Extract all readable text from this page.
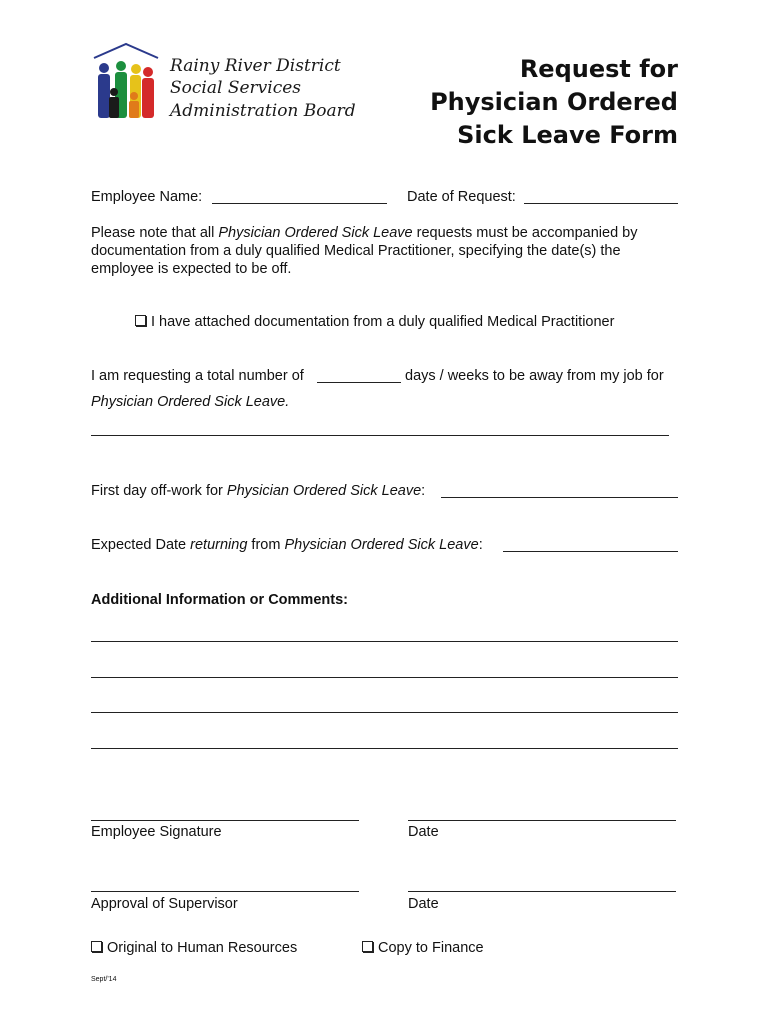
Rainy River District
Social Services
Administration Board
Request for
Physician Ordered
Sick Leave Form
Employee Name:	Date of Request:
Please note that all Physician Ordered Sick Leave requests must be accompanied by
documentation from a duly qualified Medical Practitioner, specifying the date(s) the
employee is expected to be off.
I have attached documentation from a duly qualified Medical Practitioner
I am requesting a total number of	days / weeks to be away from my job for
Physician Ordered Sick Leave.
First day off-work for Physician Ordered Sick Leave:
Expected Date returning from Physician Ordered Sick Leave:
Additional Information or Comments:
Employee Signature	Date
Approval of Supervisor	Date
Original to Human Resources	Copy to Finance
Sept/'14
